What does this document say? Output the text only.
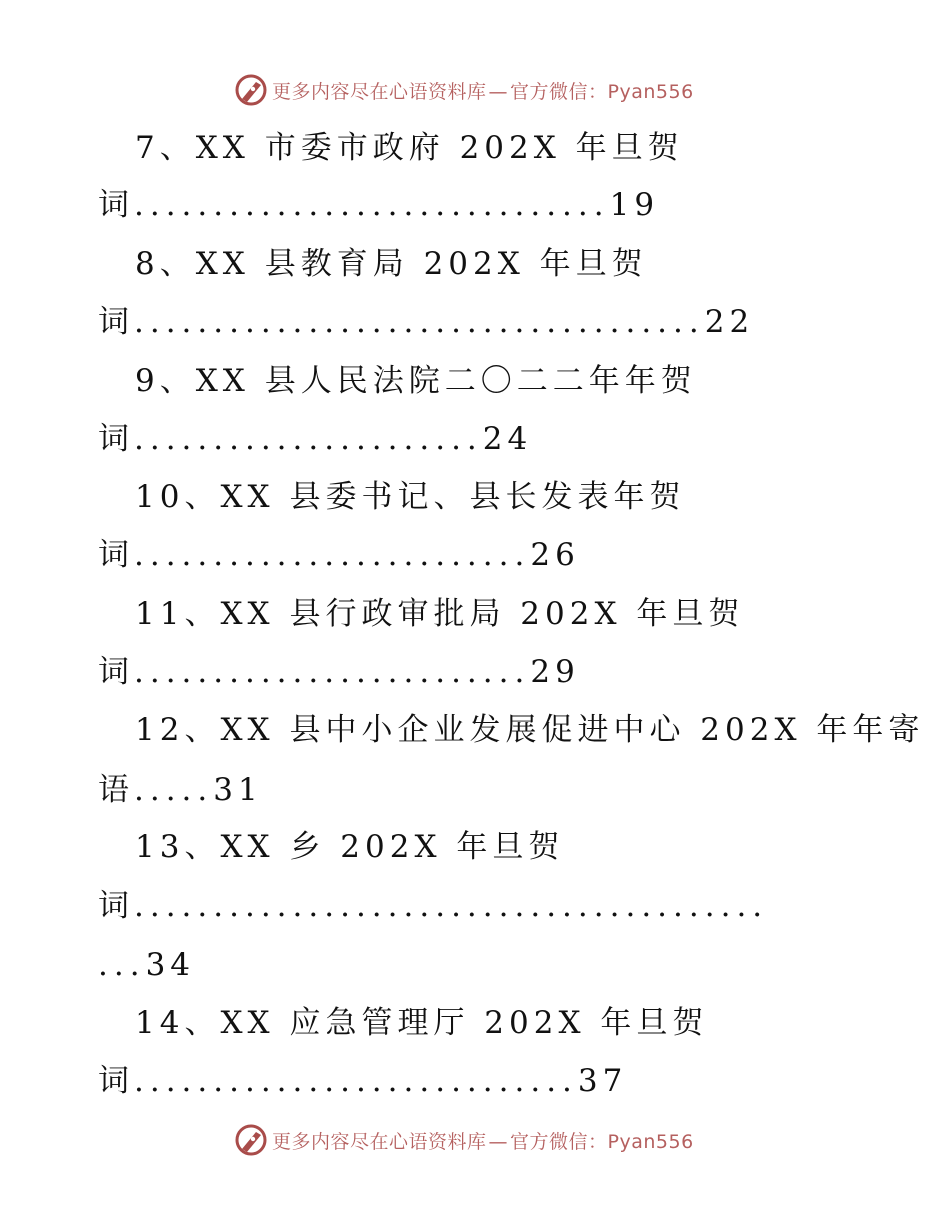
更多内容尽在心语资料库 — 官方微信：Pyan556
7、XX 市委市政府 202X 年旦贺
词..............................19
8、XX 县教育局 202X 年旦贺
词....................................22
9、XX 县人民法院二〇二二年年贺
词......................24
10、XX 县委书记、县长发表年贺
词.........................26
11、XX 县行政审批局 202X 年旦贺
词.........................29
12、XX 县中小企业发展促进中心 202X 年年寄
语.....31
13、XX 乡 202X 年旦贺
词........................................
...34
14、XX 应急管理厅 202X 年旦贺
词............................37
更多内容尽在心语资料库 — 官方微信：Pyan556
